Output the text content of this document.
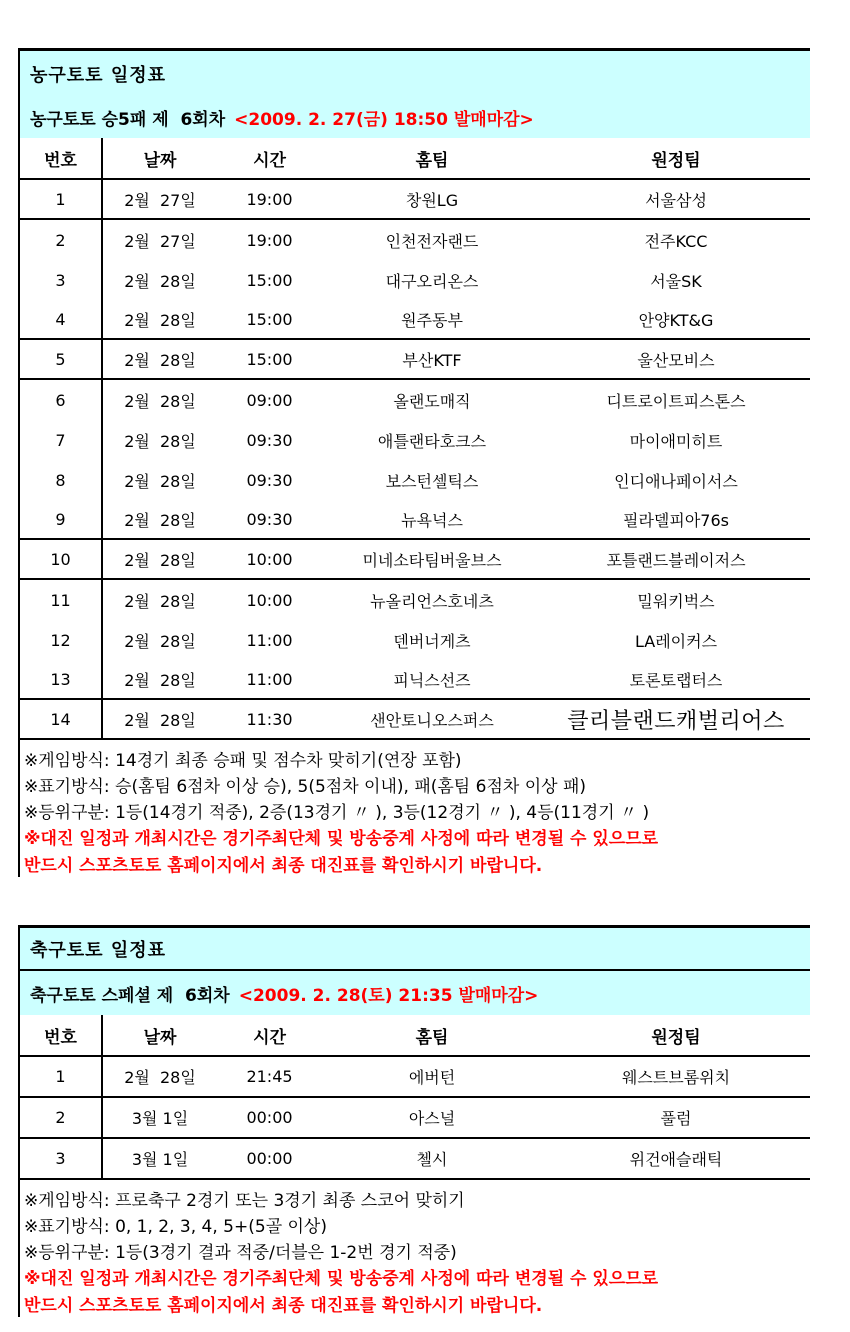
농구토토 일정표
농구토토 승5패 제  6회차 <2009. 2. 27(금) 18:50 발매마감>
번호	날짜	시간	홈팀	원정팀
1	2월  27일	19:00	창원LG	서울삼성
2	2월  27일	19:00	인천전자랜드	전주KCC
3	2월  28일	15:00	대구오리온스	서울SK
4	2월  28일	15:00	원주동부	안양KT&G
5	2월  28일	15:00	부산KTF	울산모비스
6	2월  28일	09:00	올랜도매직	디트로이트피스톤스
7	2월  28일	09:30	애틀랜타호크스	마이애미히트
8	2월  28일	09:30	보스턴셀틱스	인디애나페이서스
9	2월  28일	09:30	뉴욕넉스	필라델피아76s
10	2월  28일	10:00	미네소타팀버울브스	포틀랜드블레이저스
11	2월  28일	10:00	뉴올리언스호네츠	밀워키벅스
12	2월  28일	11:00	덴버너게츠	LA레이커스
13	2월  28일	11:00	피닉스선즈	토론토랩터스
14	2월  28일	11:30	샌안토니오스퍼스	클리블랜드캐벌리어스
※게임방식: 14경기 최종 승패 및 점수차 맞히기(연장 포함)
※표기방식: 승(홈팀 6점차 이상 승), 5(5점차 이내), 패(홈팀 6점차 이상 패)
※등위구분: 1등(14경기 적중), 2증(13경기 〃 ), 3등(12경기 〃 ), 4등(11경기 〃 )
※대진 일정과 개최시간은 경기주최단체 및 방송중계 사정에 따라 변경될 수 있으므로
반드시 스포츠토토 홈페이지에서 최종 대진표를 확인하시기 바랍니다.
축구토토 일정표
축구토토 스페셜 제  6회차 <2009. 2. 28(토) 21:35 발매마감>
번호	날짜	시간	홈팀	원정팀
1	2월  28일	21:45	에버턴	웨스트브롬위치
2	3월 1일	00:00	아스널	풀럼
3	3월 1일	00:00	첼시	위건애슬래틱
※게임방식: 프로축구 2경기 또는 3경기 최종 스코어 맞히기
※표기방식: 0, 1, 2, 3, 4, 5+(5골 이상)
※등위구분: 1등(3경기 결과 적중/더블은 1-2번 경기 적중)
※대진 일정과 개최시간은 경기주최단체 및 방송중계 사정에 따라 변경될 수 있으므로
반드시 스포츠토토 홈페이지에서 최종 대진표를 확인하시기 바랍니다.
